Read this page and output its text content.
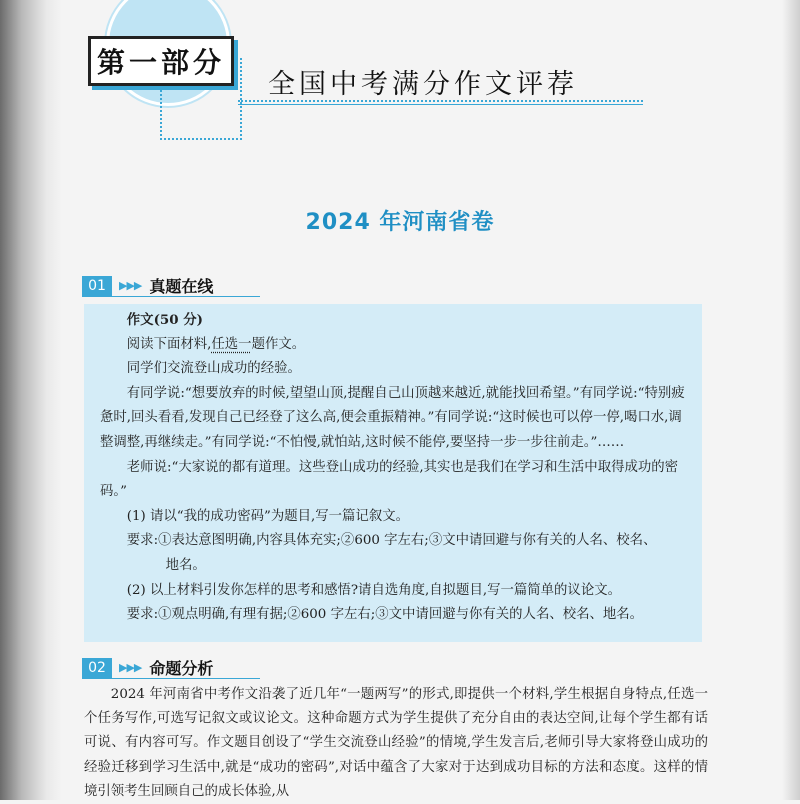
第一部分
全国中考满分作文评荐
2024 年河南省卷
01	▶▶▶ 真题在线

作文(50 分)

阅读下面材料,任选一题作文。

同学们交流登山成功的经验。

有同学说:“想要放弃的时候,望望山顶,提醒自己山顶越来越近,就能找回希望。”有同学说:“特别疲惫时,回头看看,发现自己已经登了这么高,便会重振精神。”有同学说:“这时候也可以停一停,喝口水,调整调整,再继续走。”有同学说:“不怕慢,就怕站,这时候不能停,要坚持一步一步往前走。”……

老师说:“大家说的都有道理。这些登山成功的经验,其实也是我们在学习和生活中取得成功的密码。”

(1) 请以“我的成功密码”为题目,写一篇记叙文。

要求:①表达意图明确,内容具体充实;②600 字左右;③文中请回避与你有关的人名、校名、

地名。

(2) 以上材料引发你怎样的思考和感悟?请自选角度,自拟题目,写一篇简单的议论文。

要求:①观点明确,有理有据;②600 字左右;③文中请回避与你有关的人名、校名、地名。

02	▶▶▶ 命题分析

2024 年河南省中考作文沿袭了近几年“一题两写”的形式,即提供一个材料,学生根据自身特点,任选一个任务写作,可选写记叙文或议论文。这种命题方式为学生提供了充分自由的表达空间,让每个学生都有话可说、有内容可写。作文题目创设了“学生交流登山经验”的情境,学生发言后,老师引导大家将登山成功的经验迁移到学习生活中,就是“成功的密码”,对话中蕴含了大家对于达到成功目标的方法和态度。这样的情境引领考生回顾自己的成长体验,从
